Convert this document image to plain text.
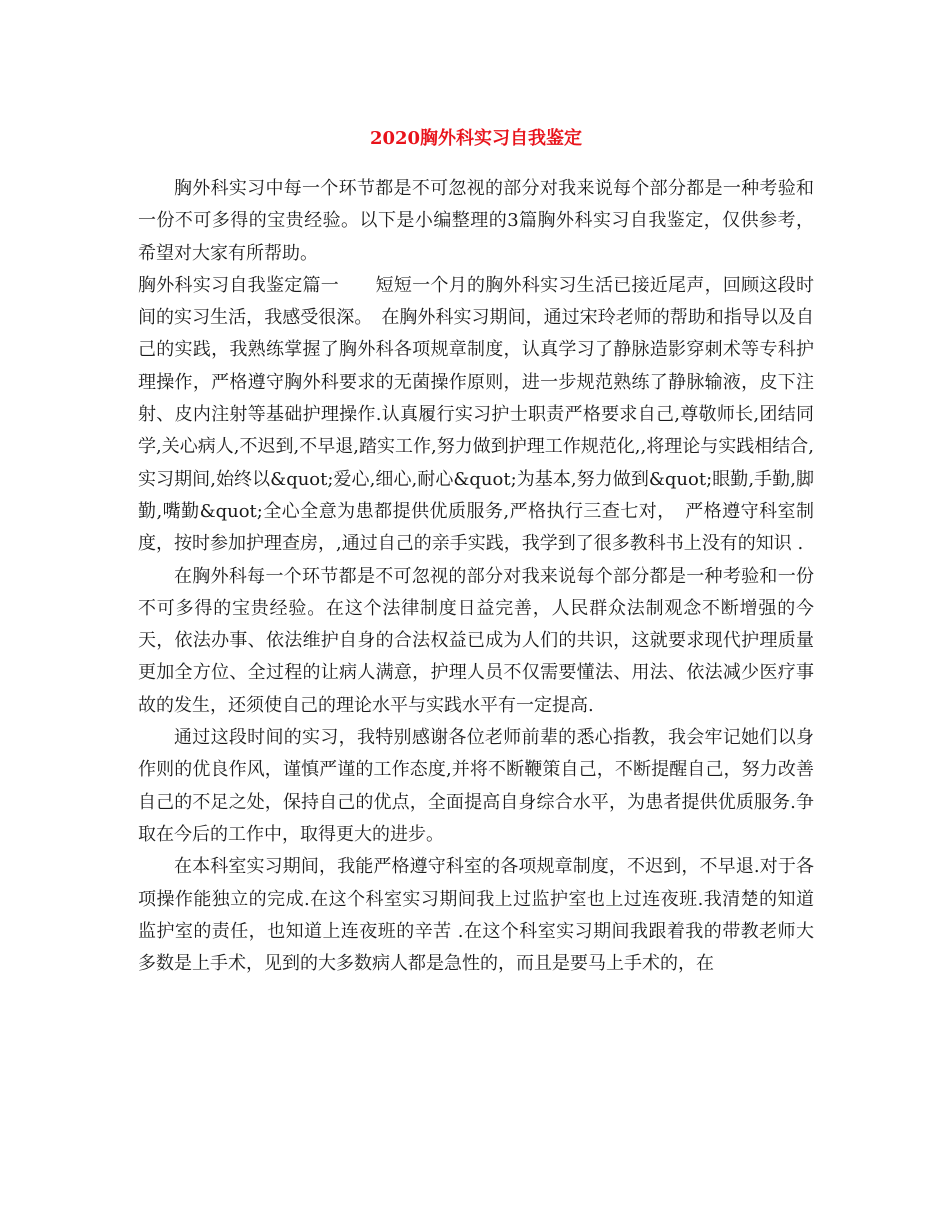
2020胸外科实习自我鉴定

胸外科实习中每一个环节都是不可忽视的部分对我来说每个部分都是一种考验和一份不可多得的宝贵经验。以下是小编整理的3篇胸外科实习自我鉴定，仅供参考，希望对大家有所帮助。

胸外科实习自我鉴定篇一　　短短一个月的胸外科实习生活已接近尾声，回顾这段时间的实习生活，我感受很深。　在胸外科实习期间，通过宋玲老师的帮助和指导以及自己的实践，我熟练掌握了胸外科各项规章制度，认真学习了静脉造影穿刺术等专科护理操作，严格遵守胸外科要求的无菌操作原则，进一步规范熟练了静脉输液，皮下注射、皮内注射等基础护理操作.认真履行实习护士职责严格要求自己,尊敬师长,团结同学,关心病人,不迟到,不早退,踏实工作,努力做到护理工作规范化,,将理论与实践相结合,实习期间,始终以&quot;爱心,细心,耐心&quot;为基本,努力做到&quot;眼勤,手勤,脚勤,嘴勤&quot;全心全意为患都提供优质服务,严格执行三查七对，　严格遵守科室制度，按时参加护理查房，,通过自己的亲手实践，我学到了很多教科书上没有的知识 .

在胸外科每一个环节都是不可忽视的部分对我来说每个部分都是一种考验和一份不可多得的宝贵经验。在这个法律制度日益完善，人民群众法制观念不断增强的今天，依法办事、依法维护自身的合法权益已成为人们的共识，这就要求现代护理质量更加全方位、全过程的让病人满意，护理人员不仅需要懂法、用法、依法减少医疗事故的发生，还须使自己的理论水平与实践水平有一定提高.

通过这段时间的实习，我特别感谢各位老师前辈的悉心指教，我会牢记她们以身作则的优良作风，谨慎严谨的工作态度,并将不断鞭策自己，不断提醒自己，努力改善自己的不足之处，保持自己的优点，全面提高自身综合水平，为患者提供优质服务.争取在今后的工作中，取得更大的进步。

在本科室实习期间，我能严格遵守科室的各项规章制度，不迟到，不早退.对于各项操作能独立的完成.在这个科室实习期间我上过监护室也上过连夜班.我清楚的知道监护室的责任，也知道上连夜班的辛苦 .在这个科室实习期间我跟着我的带教老师大多数是上手术，见到的大多数病人都是急性的，而且是要马上手术的，在
